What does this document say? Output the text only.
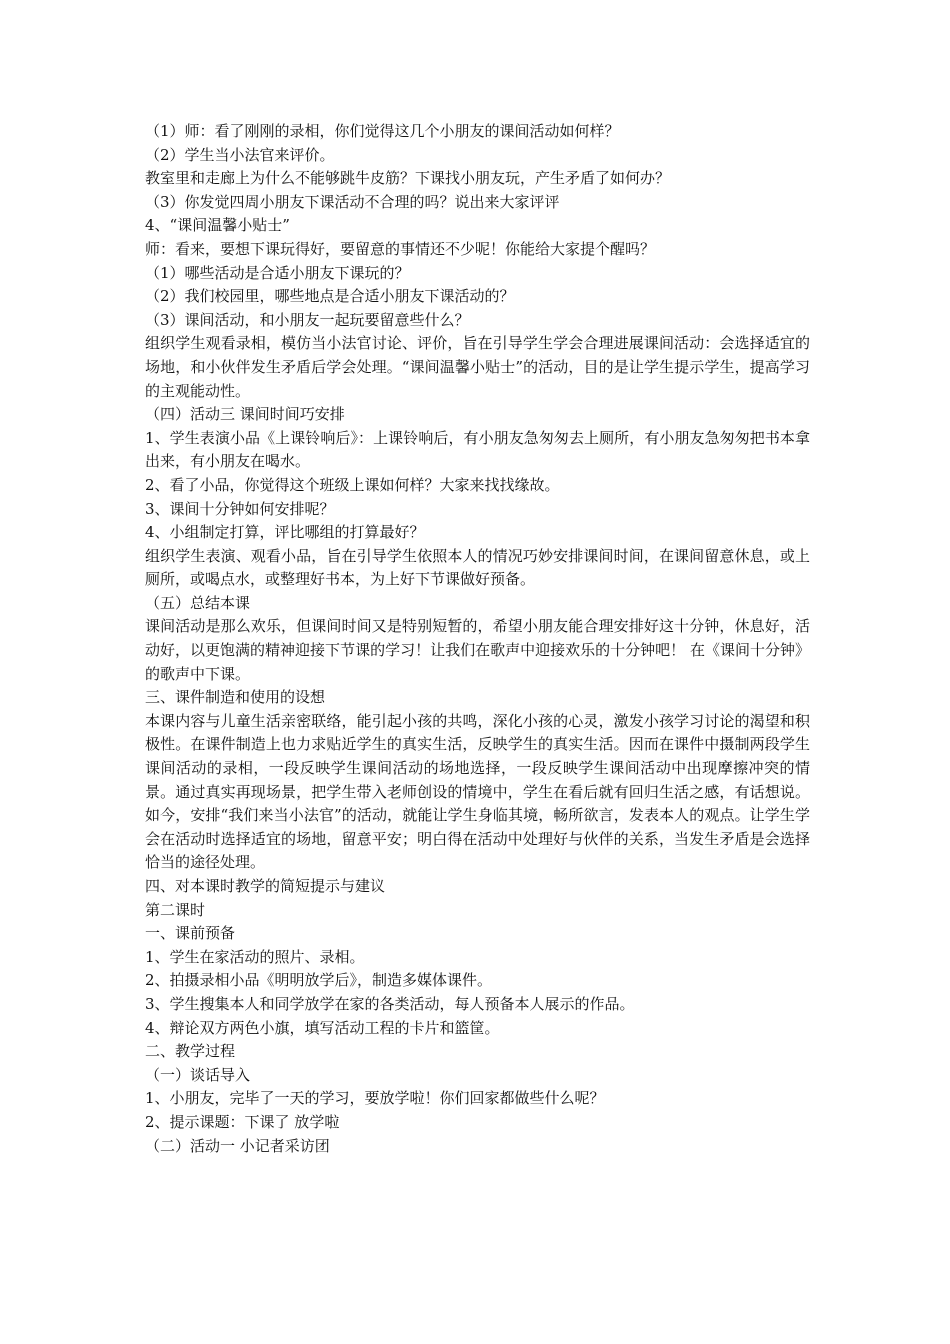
（1）师：看了刚刚的录相，你们觉得这几个小朋友的课间活动如何样？

（2）学生当小法官来评价。

教室里和走廊上为什么不能够跳牛皮筋？下课找小朋友玩，产生矛盾了如何办？

（3）你发觉四周小朋友下课活动不合理的吗？说出来大家评评

4、“课间温馨小贴士”

师：看来，要想下课玩得好，要留意的事情还不少呢！你能给大家提个醒吗？

（1）哪些活动是合适小朋友下课玩的？

（2）我们校园里，哪些地点是合适小朋友下课活动的？

（3）课间活动，和小朋友一起玩要留意些什么？

组织学生观看录相，模仿当小法官讨论、评价，旨在引导学生学会合理进展课间活动：会选择适宜的场地，和小伙伴发生矛盾后学会处理。“课间温馨小贴士”的活动，目的是让学生提示学生，提高学习的主观能动性。

（四）活动三 课间时间巧安排

1、学生表演小品《上课铃响后》：上课铃响后，有小朋友急匆匆去上厕所，有小朋友急匆匆把书本拿出来，有小朋友在喝水。

2、看了小品，你觉得这个班级上课如何样？大家来找找缘故。

3、课间十分钟如何安排呢？

4、小组制定打算，评比哪组的打算最好？

组织学生表演、观看小品，旨在引导学生依照本人的情况巧妙安排课间时间，在课间留意休息，或上厕所，或喝点水，或整理好书本，为上好下节课做好预备。

（五）总结本课

课间活动是那么欢乐，但课间时间又是特别短暂的，希望小朋友能合理安排好这十分钟，休息好，活动好，以更饱满的精神迎接下节课的学习！让我们在歌声中迎接欢乐的十分钟吧！ 在《课间十分钟》的歌声中下课。

三、课件制造和使用的设想

本课内容与儿童生活亲密联络，能引起小孩的共鸣，深化小孩的心灵，激发小孩学习讨论的渴望和积极性。在课件制造上也力求贴近学生的真实生活，反映学生的真实生活。因而在课件中摄制两段学生课间活动的录相，一段反映学生课间活动的场地选择，一段反映学生课间活动中出现摩擦冲突的情景。通过真实再现场景，把学生带入老师创设的情境中，学生在看后就有回归生活之感，有话想说。如今，安排“我们来当小法官”的活动，就能让学生身临其境，畅所欲言，发表本人的观点。让学生学会在活动时选择适宜的场地，留意平安；明白得在活动中处理好与伙伴的关系，当发生矛盾是会选择恰当的途径处理。

四、对本课时教学的简短提示与建议

第二课时

一、课前预备

1、学生在家活动的照片、录相。

2、拍摄录相小品《明明放学后》，制造多媒体课件。

3、学生搜集本人和同学放学在家的各类活动，每人预备本人展示的作品。

4、辩论双方两色小旗，填写活动工程的卡片和篮筐。

二、教学过程

（一）谈话导入

1、小朋友，完毕了一天的学习，要放学啦！你们回家都做些什么呢？

2、提示课题：下课了 放学啦

（二）活动一 小记者采访团
